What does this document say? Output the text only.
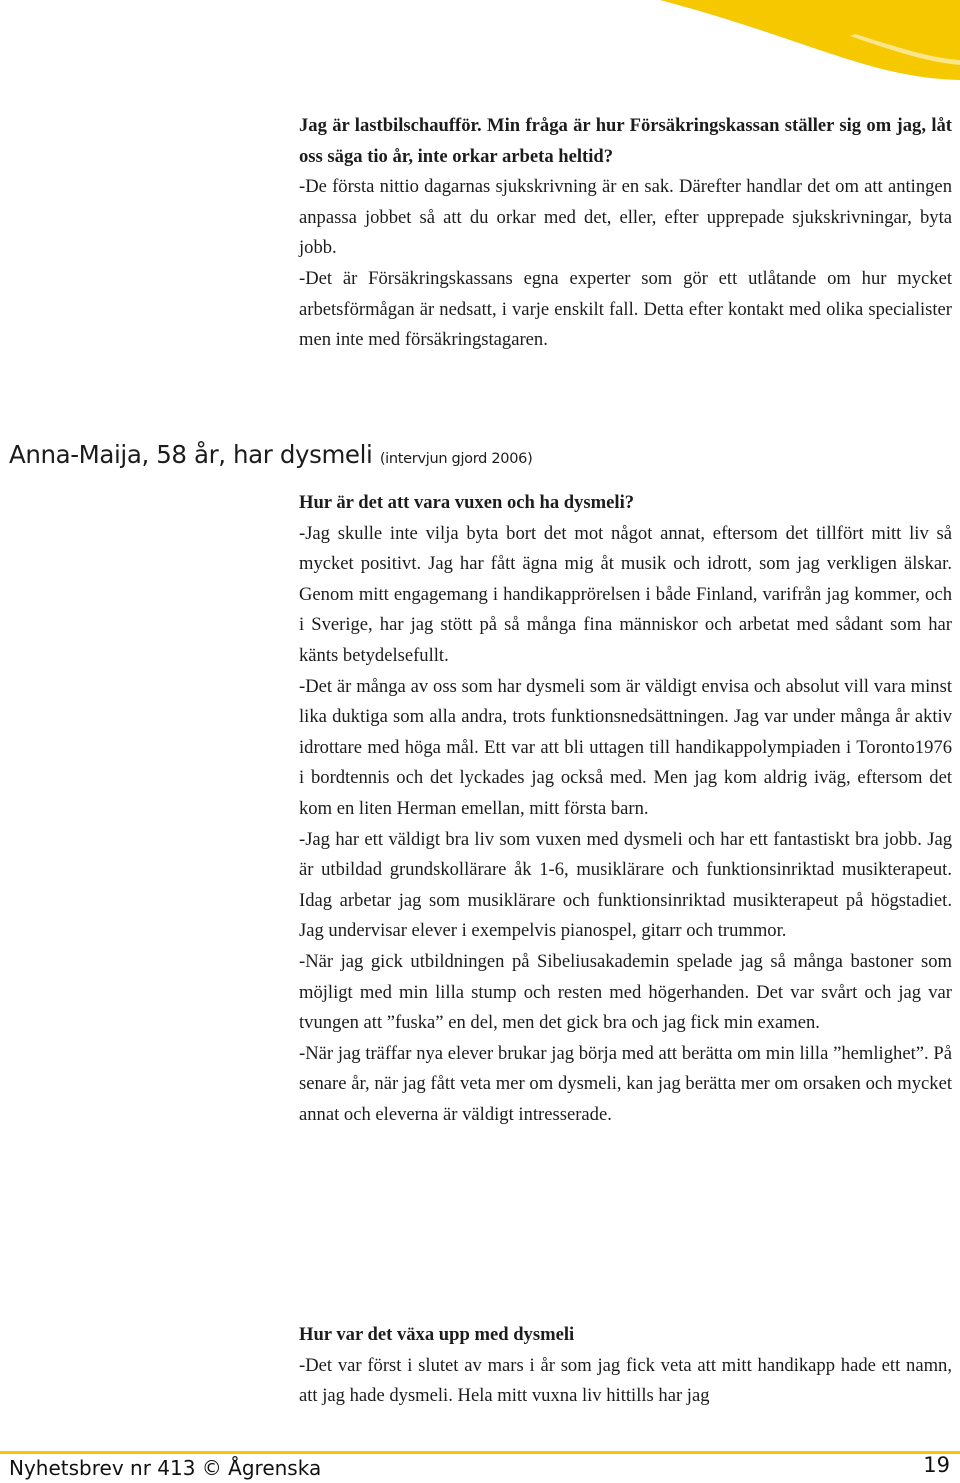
Jag är lastbilschaufför. Min fråga är hur Försäkringskassan ställer sig om jag, låt oss säga tio år, inte orkar arbeta heltid?

-De första nittio dagarnas sjukskrivning är en sak. Därefter handlar det om att antingen anpassa jobbet så att du orkar med det, eller, efter upprepade sjukskrivningar, byta jobb.

-Det är Försäkringskassans egna experter som gör ett utlåtande om hur mycket arbetsförmågan är nedsatt, i varje enskilt fall. Detta efter kontakt med olika specialister men inte med försäkringstagaren.

Anna-Maija, 58 år, har dysmeli (intervjun gjord 2006)

Hur är det att vara vuxen och ha dysmeli?

-Jag skulle inte vilja byta bort det mot något annat, eftersom det tillfört mitt liv så mycket positivt. Jag har fått ägna mig åt musik och idrott, som jag verkligen älskar. Genom mitt engagemang i handikapprörelsen i både Finland, varifrån jag kommer, och i Sverige, har jag stött på så många fina människor och arbetat med sådant som har känts betydelsefullt.

-Det är många av oss som har dysmeli som är väldigt envisa och absolut vill vara minst lika duktiga som alla andra, trots funktionsnedsättningen. Jag var under många år aktiv idrottare med höga mål. Ett var att bli uttagen till handikappolympiaden i Toronto1976 i bordtennis och det lyckades jag också med. Men jag kom aldrig iväg, eftersom det kom en liten Herman emellan, mitt första barn.

-Jag har ett väldigt bra liv som vuxen med dysmeli och har ett fantastiskt bra jobb. Jag är utbildad grundskollärare åk 1-6, musiklärare och funktionsinriktad musikterapeut. Idag arbetar jag som musiklärare och funktionsinriktad musikterapeut på högstadiet. Jag undervisar elever i exempelvis pianospel, gitarr och trummor.

-När jag gick utbildningen på Sibeliusakademin spelade jag så många bastoner som möjligt med min lilla stump och resten med högerhanden. Det var svårt och jag var tvungen att ”fuska” en del, men det gick bra och jag fick min examen.

-När jag träffar nya elever brukar jag börja med att berätta om min lilla ”hemlighet”. På senare år, när jag fått veta mer om dysmeli, kan jag berätta mer om orsaken och mycket annat och eleverna är väldigt intresserade.

Hur var det växa upp med dysmeli

-Det var först i slutet av mars i år som jag fick veta att mitt handikapp hade ett namn, att jag hade dysmeli. Hela mitt vuxna liv hittills har jag

Nyhetsbrev nr 413 © Ågrenska	19
